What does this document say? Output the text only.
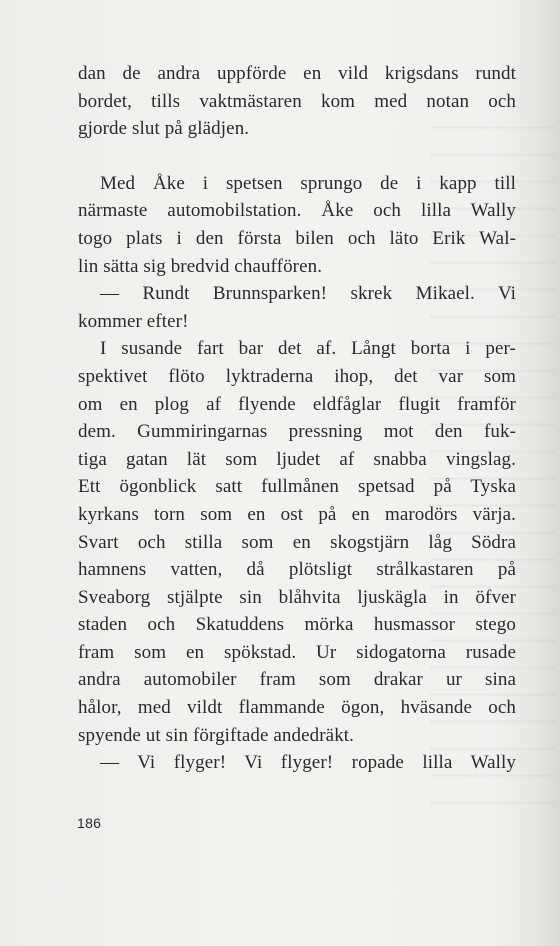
dan de andra uppförde en vild krigsdans rundt
bordet, tills vaktmästaren kom med notan och
gjorde slut på glädjen.
Med Åke i spetsen sprungo de i kapp till
närmaste automobilstation. Åke och lilla Wally
togo plats i den första bilen och läto Erik Wal-
lin sätta sig bredvid chauffören.
— Rundt Brunnsparken! skrek Mikael. Vi
kommer efter!
I susande fart bar det af. Långt borta i per-
spektivet flöto lyktraderna ihop, det var som
om en plog af flyende eldfåglar flugit framför
dem. Gummiringarnas pressning mot den fuk-
tiga gatan lät som ljudet af snabba vingslag.
Ett ögonblick satt fullmånen spetsad på Tyska
kyrkans torn som en ost på en marodörs värja.
Svart och stilla som en skogstjärn låg Södra
hamnens vatten, då plötsligt strålkastaren på
Sveaborg stjälpte sin blåhvita ljuskägla in öfver
staden och Skatuddens mörka husmassor stego
fram som en spökstad. Ur sidogatorna rusade
andra automobiler fram som drakar ur sina
hålor, med vildt flammande ögon, hväsande och
spyende ut sin förgiftade andedräkt.
— Vi flyger! Vi flyger! ropade lilla Wally
186
